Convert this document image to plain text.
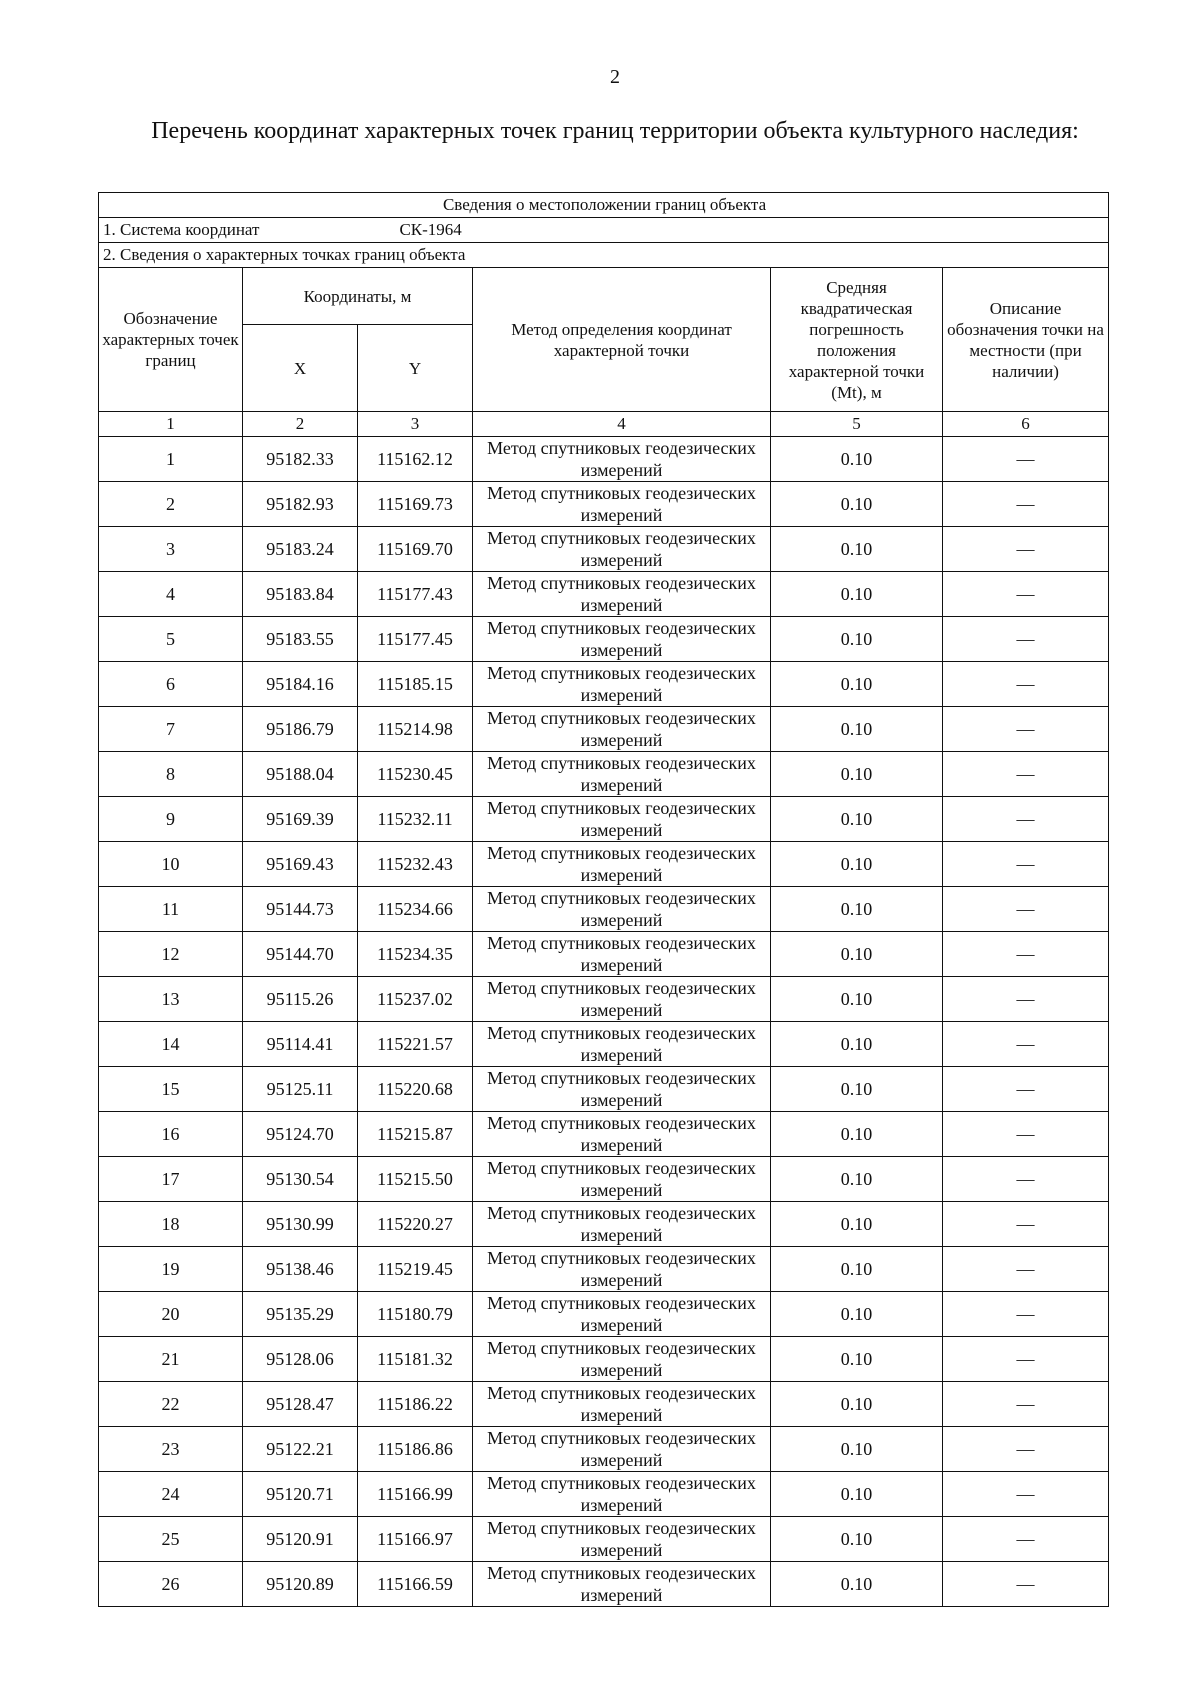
2
Перечень координат характерных точек границ территории объекта культурного наследия:
Сведения о местоположении границ объекта					
1. Система координат СК-1964					
2. Сведения о характерных точках границ объекта					
Обозначение характерных точек границ	Координаты, м		Метод определения координат характерной точки	Средняя квадратическая погрешность положения характерной точки (Mt), м	Описание обозначения точки на местности (при наличии)
	X	Y			
1	2	3	4	5	6
1	95182.33	115162.12	Метод спутниковых геодезических измерений	0.10	—
2	95182.93	115169.73	Метод спутниковых геодезических измерений	0.10	—
3	95183.24	115169.70	Метод спутниковых геодезических измерений	0.10	—
4	95183.84	115177.43	Метод спутниковых геодезических измерений	0.10	—
5	95183.55	115177.45	Метод спутниковых геодезических измерений	0.10	—
6	95184.16	115185.15	Метод спутниковых геодезических измерений	0.10	—
7	95186.79	115214.98	Метод спутниковых геодезических измерений	0.10	—
8	95188.04	115230.45	Метод спутниковых геодезических измерений	0.10	—
9	95169.39	115232.11	Метод спутниковых геодезических измерений	0.10	—
10	95169.43	115232.43	Метод спутниковых геодезических измерений	0.10	—
11	95144.73	115234.66	Метод спутниковых геодезических измерений	0.10	—
12	95144.70	115234.35	Метод спутниковых геодезических измерений	0.10	—
13	95115.26	115237.02	Метод спутниковых геодезических измерений	0.10	—
14	95114.41	115221.57	Метод спутниковых геодезических измерений	0.10	—
15	95125.11	115220.68	Метод спутниковых геодезических измерений	0.10	—
16	95124.70	115215.87	Метод спутниковых геодезических измерений	0.10	—
17	95130.54	115215.50	Метод спутниковых геодезических измерений	0.10	—
18	95130.99	115220.27	Метод спутниковых геодезических измерений	0.10	—
19	95138.46	115219.45	Метод спутниковых геодезических измерений	0.10	—
20	95135.29	115180.79	Метод спутниковых геодезических измерений	0.10	—
21	95128.06	115181.32	Метод спутниковых геодезических измерений	0.10	—
22	95128.47	115186.22	Метод спутниковых геодезических измерений	0.10	—
23	95122.21	115186.86	Метод спутниковых геодезических измерений	0.10	—
24	95120.71	115166.99	Метод спутниковых геодезических измерений	0.10	—
25	95120.91	115166.97	Метод спутниковых геодезических измерений	0.10	—
26	95120.89	115166.59	Метод спутниковых геодезических измерений	0.10	—
